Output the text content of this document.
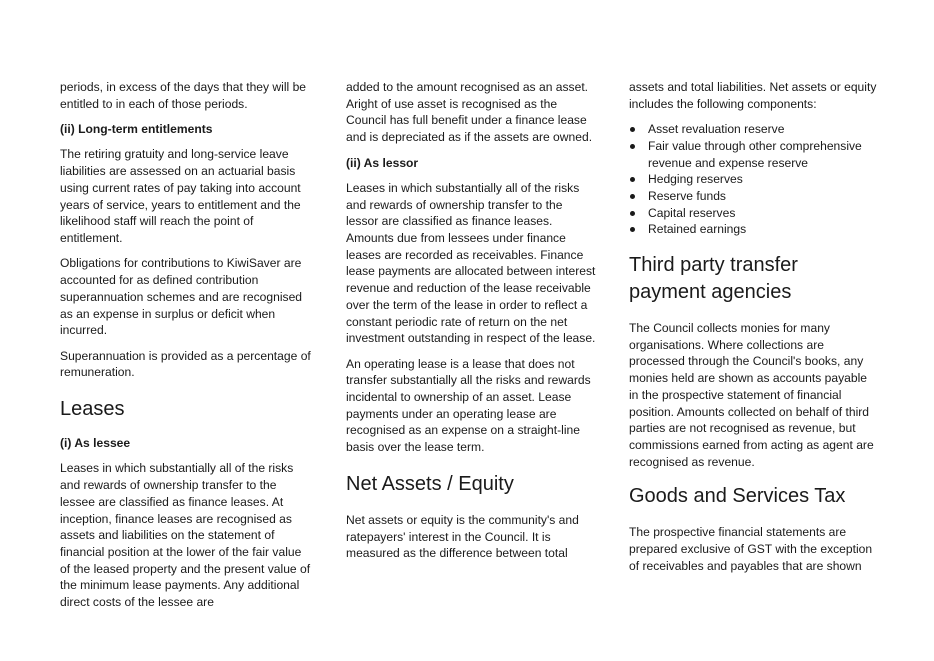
periods, in excess of the days that they will be entitled to in each of those periods.

(ii) Long-term entitlements

The retiring gratuity and long-service leave liabilities are assessed on an actuarial basis using current rates of pay taking into account years of service, years to entitlement and the likelihood staff will reach the point of entitlement.

Obligations for contributions to KiwiSaver are accounted for as defined contribution superannuation schemes and are recognised as an expense in surplus or deficit when incurred.

Superannuation is provided as a percentage of remuneration.

Leases

(i) As lessee

Leases in which substantially all of the risks and rewards of ownership transfer to the lessee are classified as finance leases. At inception, finance leases are recognised as assets and liabilities on the statement of financial position at the lower of the fair value of the leased property and the present value of the minimum lease payments. Any additional direct costs of the lessee are

added to the amount recognised as an asset. Aright of use asset is recognised as the Council has full benefit under a finance lease and is depreciated as if the assets are owned.

(ii) As lessor

Leases in which substantially all of the risks and rewards of ownership transfer to the lessor are classified as finance leases. Amounts due from lessees under finance leases are recorded as receivables. Finance lease payments are allocated between interest revenue and reduction of the lease receivable over the term of the lease in order to reflect a constant periodic rate of return on the net investment outstanding in respect of the lease.

An operating lease is a lease that does not transfer substantially all the risks and rewards incidental to ownership of an asset. Lease payments under an operating lease are recognised as an expense on a straight-line basis over the lease term.

Net Assets / Equity

Net assets or equity is the community's and ratepayers' interest in the Council. It is measured as the difference between total

assets and total liabilities. Net assets or equity includes the following components:

Asset revaluation reserve
Fair value through other comprehensive revenue and expense reserve
Hedging reserves
Reserve funds
Capital reserves
Retained earnings
Third party transfer payment agencies

The Council collects monies for many organisations. Where collections are processed through the Council's books, any monies held are shown as accounts payable in the prospective statement of financial position. Amounts collected on behalf of third parties are not recognised as revenue, but commissions earned from acting as agent are recognised as revenue.

Goods and Services Tax

The prospective financial statements are prepared exclusive of GST with the exception of receivables and payables that are shown
